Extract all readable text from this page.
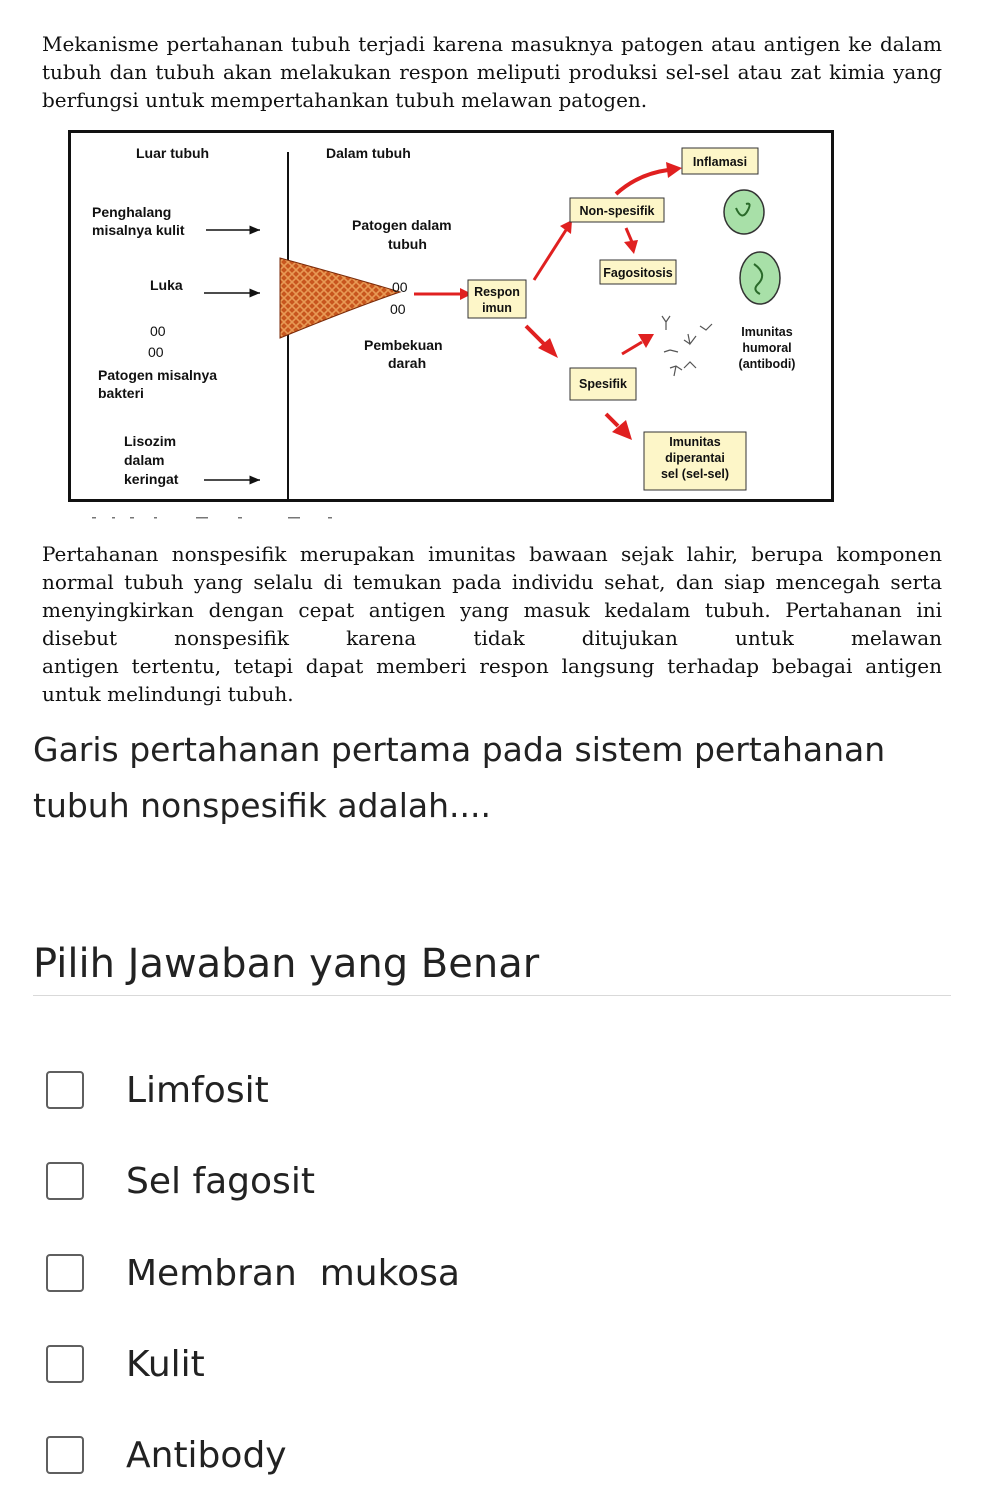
Mekanisme pertahanan tubuh terjadi karena masuknya patogen atau antigen ke dalam
tubuh dan tubuh akan melakukan respon meliputi produksi sel-sel atau zat kimia yang
berfungsi untuk mempertahankan tubuh melawan patogen.
Luar tubuh	Dalam tubuh
Penghalang
misalnya kulit
Luka
00
00
Patogen misalnya
bakteri
Lisozim
dalam
keringat
Patogen dalam
tubuh
00
00
Pembekuan
darah
Respon
imun
Non-spesifik
Inflamasi
Fagositosis
Imunitas
humoral
(antibodi)
Spesifik
Imunitas
diperantai
sel (sel-sel)
Pertahanan nonspesifik merupakan imunitas bawaan sejak lahir, berupa komponen
normal tubuh yang selalu di temukan pada individu sehat, dan siap mencegah serta
menyingkirkan dengan cepat antigen yang masuk kedalam tubuh. Pertahanan ini
disebut nonspesifik karena tidak ditujukan untuk melawan
antigen tertentu, tetapi dapat memberi respon langsung terhadap bebagai antigen
untuk melindungi tubuh.
Garis pertahanan pertama pada sistem pertahanan tubuh nonspesifik adalah....
Pilih Jawaban yang Benar
Limfosit
Sel fagosit
Membran  mukosa
Kulit
Antibody
